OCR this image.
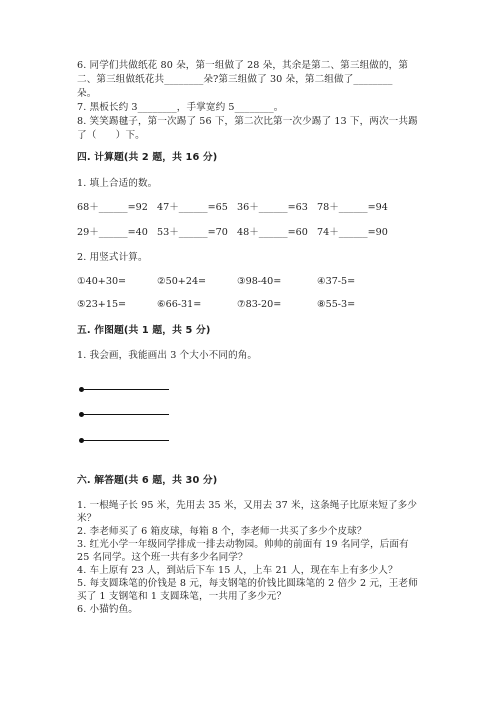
6. 同学们共做纸花 80 朵，第一组做了 28 朵，其余是第二、第三组做的，第
二、第三组做纸花共________朵?第三组做了 30 朵，第二组做了________
朵。
7. 黑板长约 3________，手掌宽约 5________。
8. 笑笑踢毽子，第一次踢了 56 下，第二次比第一次少踢了 13 下，两次一共踢
了（　　）下。
四. 计算题(共 2 题，共 16 分)
1. 填上合适的数。
68＋______=92 47＋______=65 36＋______=63 78＋______=94
29＋______=40 53＋______=70 48＋______=60 74＋______=90
2. 用竖式计算。
①40+30=	②50+24=	③98-40=	④37-5=
⑤23+15=	⑥66-31=	⑦83-20=	⑧55-3=
五. 作图题(共 1 题，共 5 分)
1. 我会画，我能画出 3 个大小不同的角。
六. 解答题(共 6 题，共 30 分)
1. 一根绳子长 95 米，先用去 35 米，又用去 37 米，这条绳子比原来短了多少
米？
2. 李老师买了 6 箱皮球，每箱 8 个，李老师一共买了多少个皮球？
3. 红光小学一年级同学排成一排去动物园。帅帅的前面有 19 名同学，后面有
25 名同学。这个班一共有多少名同学？
4. 车上原有 23 人，到站后下车 15 人，上车 21 人，现在车上有多少人？
5. 每支圆珠笔的价钱是 8 元，每支钢笔的价钱比圆珠笔的 2 倍少 2 元，王老师
买了 1 支钢笔和 1 支圆珠笔，一共用了多少元？
6. 小猫钓鱼。
